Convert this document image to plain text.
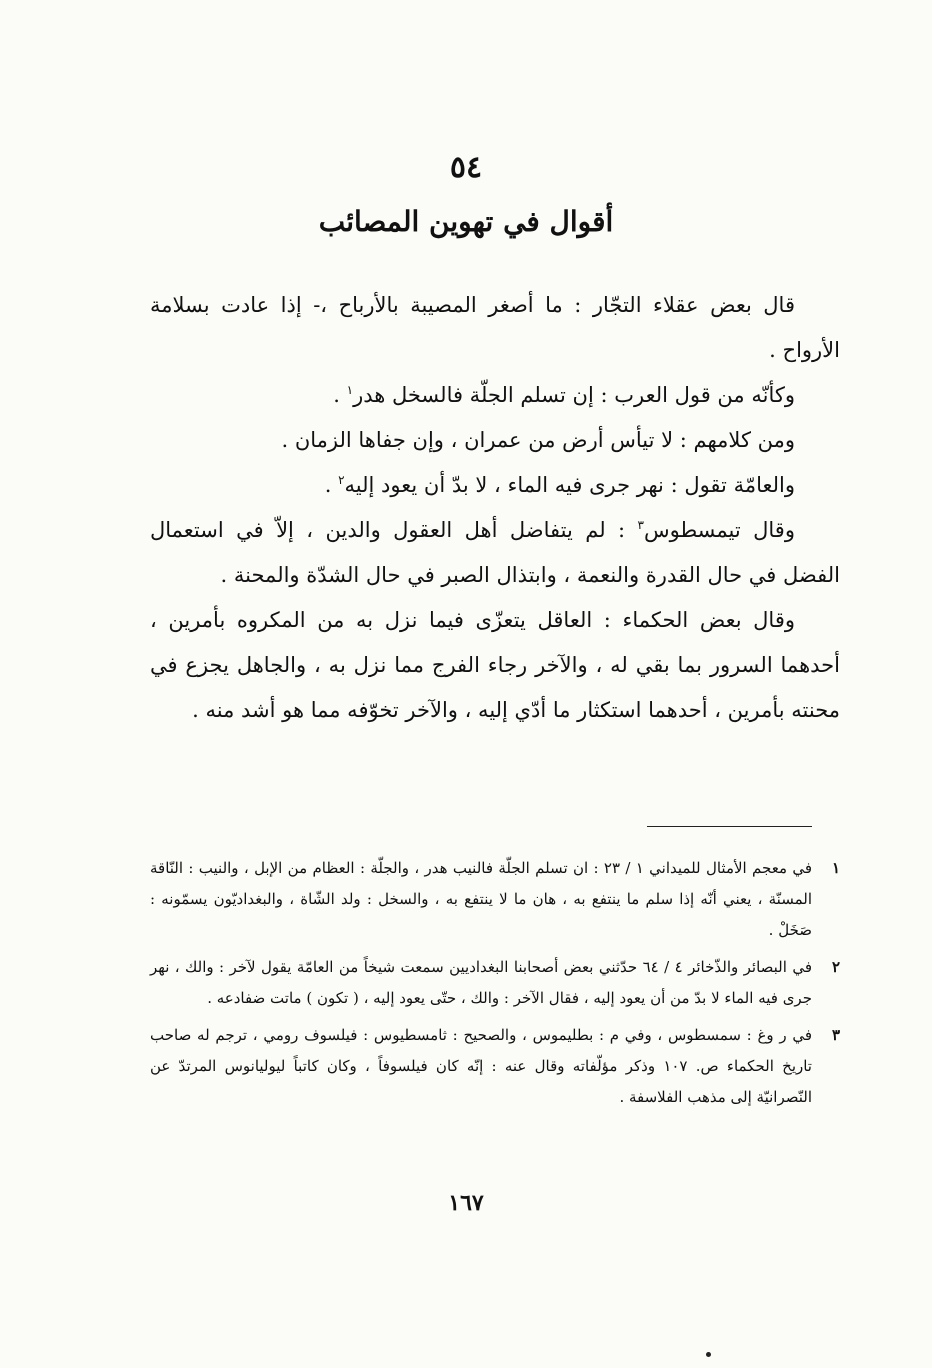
٥٤
أقوال في تهوين المصائب

قال بعض عقلاء التجّار : ما أصغر المصيبة بالأرباح ،- إذا عادت بسلامة الأرواح .

وكأنّه من قول العرب : إن تسلم الجلّة فالسخل هدر$^١$ .

ومن كلامهم : لا تيأس أرض من عمران ، وإن جفاها الزمان .

والعامّة تقول : نهر جرى فيه الماء ، لا بدّ أن يعود إليه$^٢$ .

وقال تيمسطوس$^٣$ : لم يتفاضل أهل العقول والدين ، إلاّ في استعمال الفضل في حال القدرة والنعمة ، وابتذال الصبر في حال الشدّة والمحنة .

وقال بعض الحكماء : العاقل يتعزّى فيما نزل به من المكروه بأمرين ، أحدهما السرور بما بقي له ، والآخر رجاء الفرج مما نزل به ، والجاهل يجزع في محنته بأمرين ، أحدهما استكثار ما أدّي إليه ، والآخر تخوّفه مما هو أشد منه .

١
في معجم الأمثال للميداني ١ / ٢٣ : ان تسلم الجلّة فالنيب هدر ، والجلّة : العظام من الإبل ، والنيب : النّاقة المسنّة ، يعني أنّه إذا سلم ما ينتفع به ، هان ما لا ينتفع به ، والسخل : ولد الشّاة ، والبغداديّون يسمّونه : صَخَلْ .
٢
في البصائر والذّخائر ٤ / ٦٤ حدّثني بعض أصحابنا البغداديين سمعت شيخاً من العامّة يقول لآخر : والك ، نهر جرى فيه الماء لا بدّ من أن يعود إليه ، فقال الآخر : والك ، حتّى يعود إليه ، ( تكون ) ماتت ضفادعه .
٣
في ر وغ : سمسطوس ، وفي م : بطليموس ، والصحيح : ثامسطيوس : فيلسوف رومي ، ترجم له صاحب تاريخ الحكماء ص. ١٠٧ وذكر مؤلّفاته وقال عنه : إنّه كان فيلسوفاً ، وكان كاتباً ليوليانوس المرتدّ عن النّصرانيّة إلى مذهب الفلاسفة .
١٦٧
